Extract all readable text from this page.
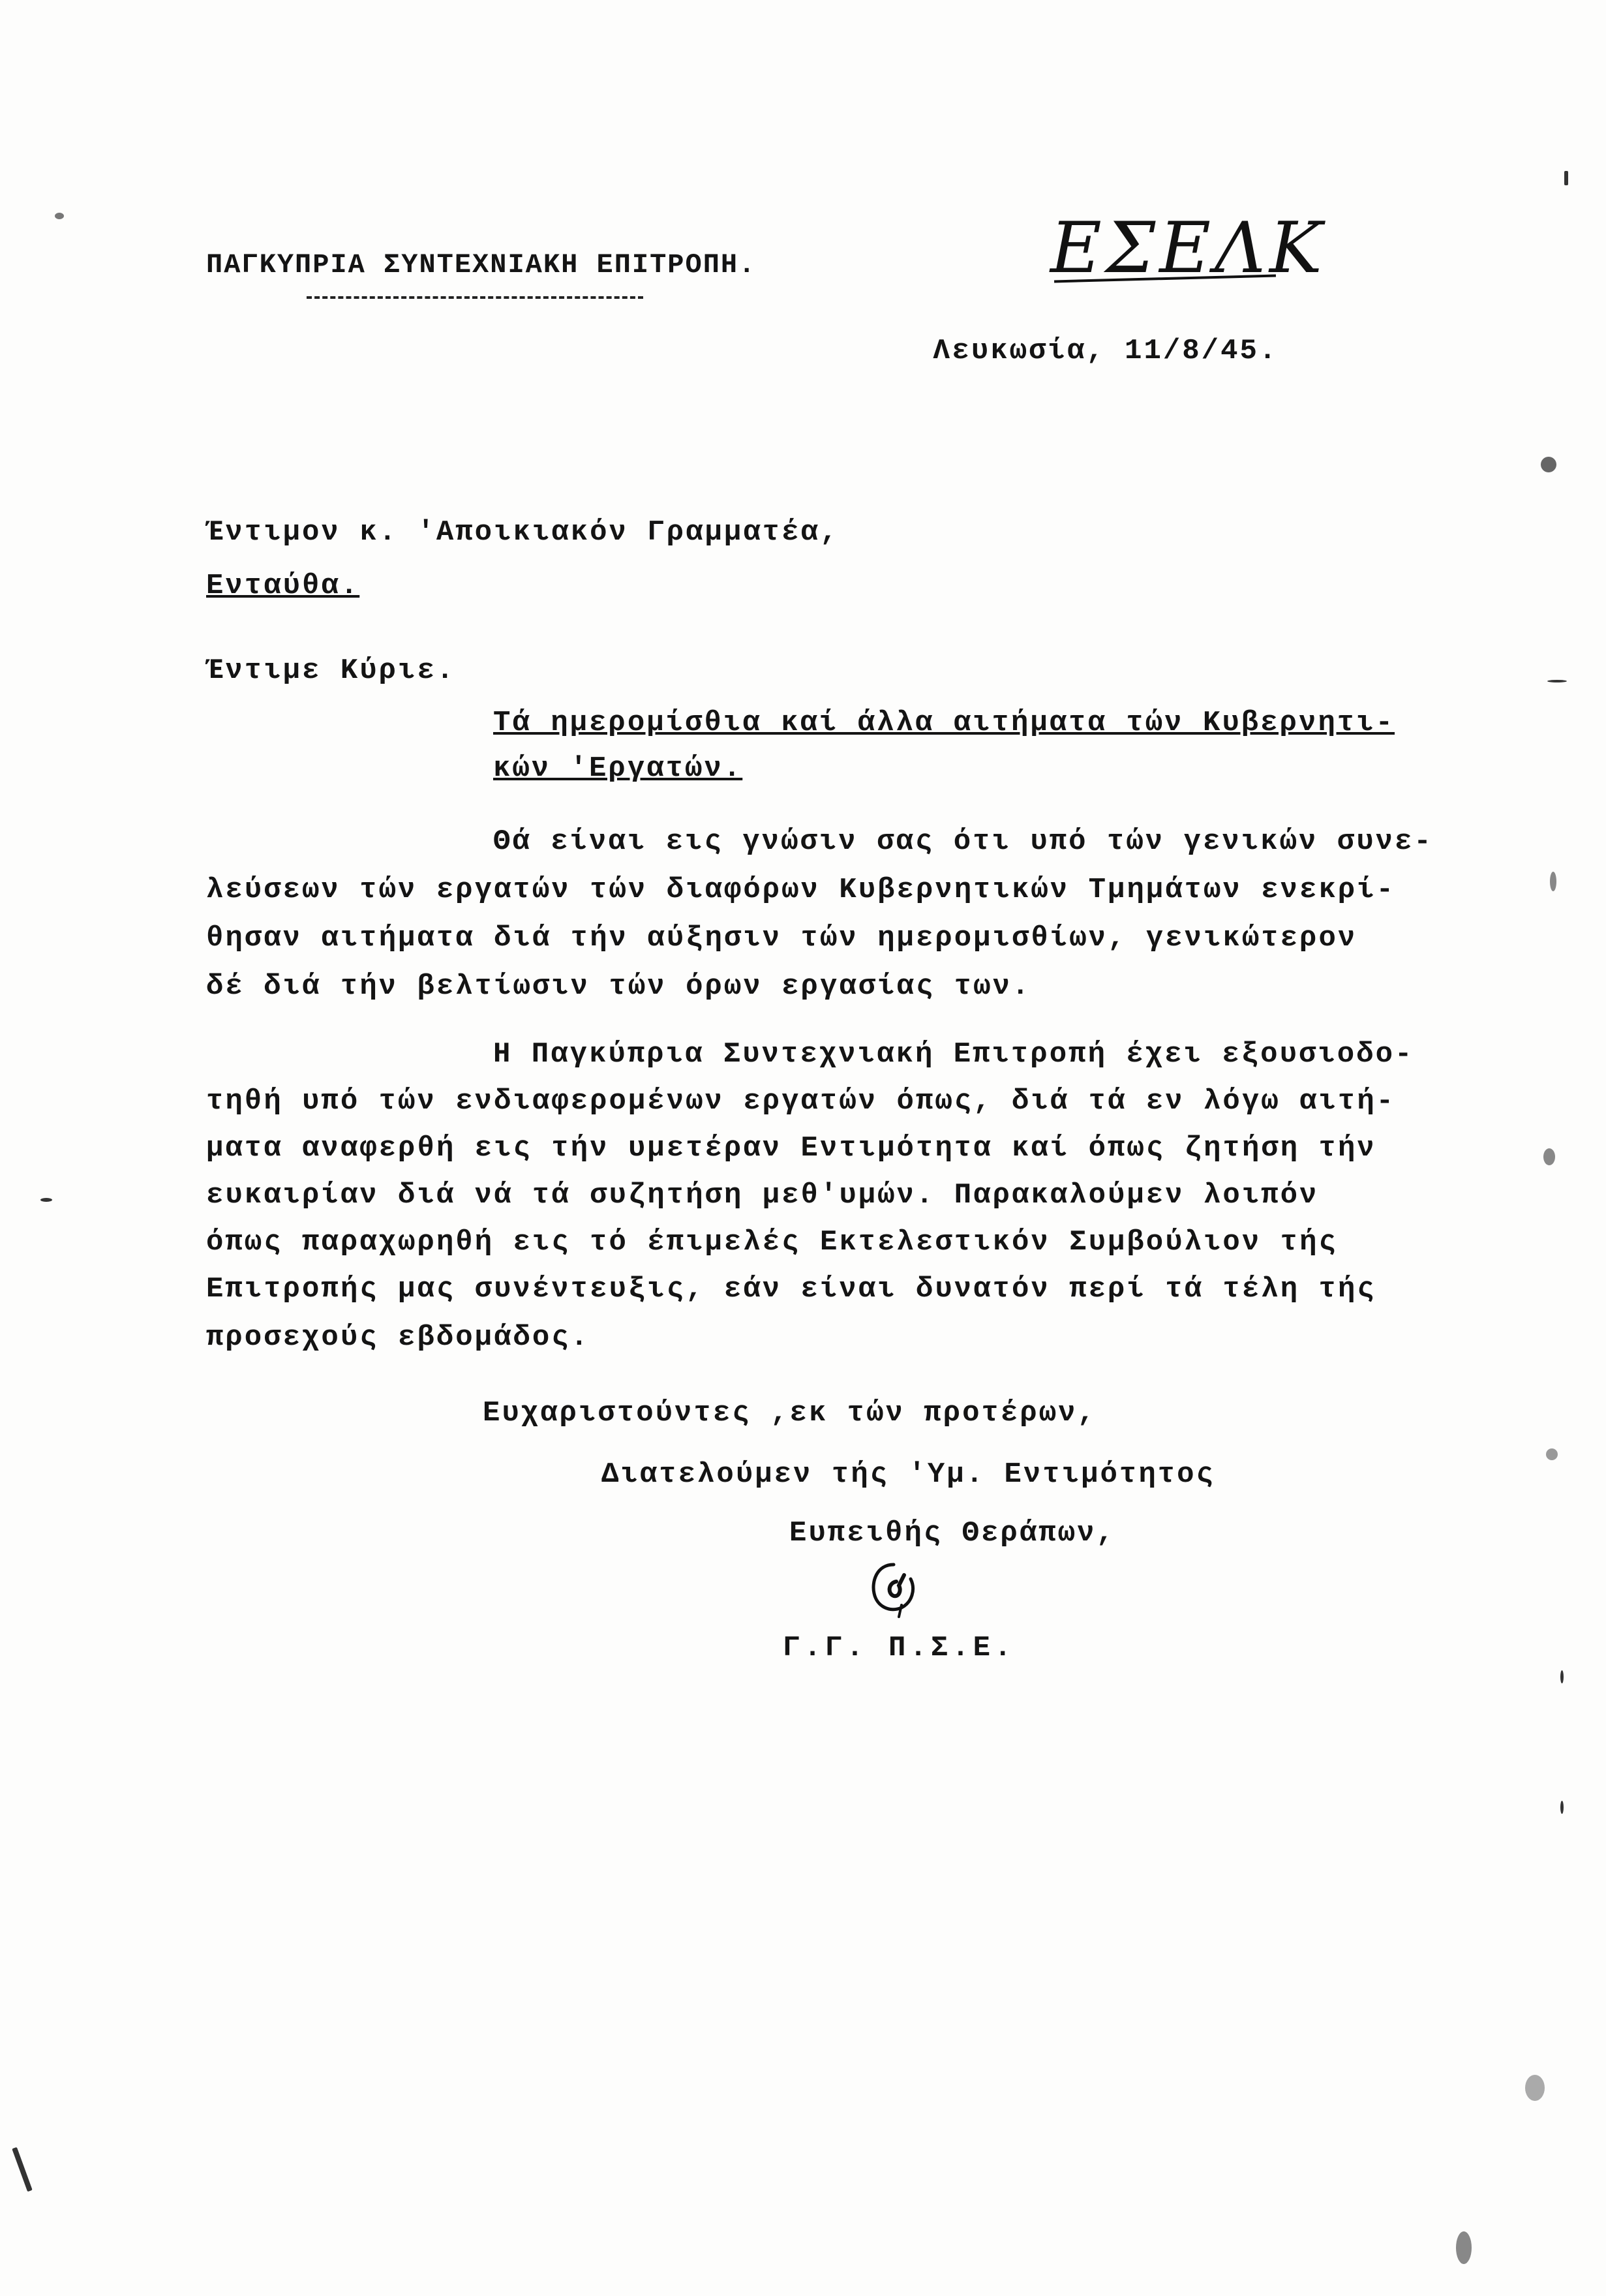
ΠΑΓΚΥΠΡΙΑ ΣΥΝΤΕΧΝΙΑΚΗ ΕΠΙΤΡΟΠΗ.	ΕΣΕΛΚ
Λευκωσία, 11/8/45.
Έντιμον κ. 'Αποικιακόν Γραμματέα,
Ενταύθα.
Έντιμε Κύριε.
Τά ημερομίσθια καί άλλα αιτήματα τών Κυβερνητι-
κών 'Εργατών.
Θά είναι εις γνώσιν σας ότι υπό τών γενικών συνε-
λεύσεων τών εργατών τών διαφόρων Κυβερνητικών Τμημάτων ενεκρί-
θησαν αιτήματα διά τήν αύξησιν τών ημερομισθίων, γενικώτερον
δέ διά τήν βελτίωσιν τών όρων εργασίας των.
Η Παγκύπρια Συντεχνιακή Επιτροπή έχει εξουσιοδο-
τηθή υπό τών ενδιαφερομένων εργατών όπως, διά τά εν λόγω αιτή-
ματα αναφερθή εις τήν υμετέραν Εντιμότητα καί όπως ζητήση τήν
ευκαιρίαν διά νά τά συζητήση μεθ'υμών. Παρακαλούμεν λοιπόν
όπως παραχωρηθή εις τό έπιμελές Εκτελεστικόν Συμβούλιον τής
Επιτροπής μας συνέντευξις, εάν είναι δυνατόν περί τά τέλη τής
προσεχούς εβδομάδος.
Ευχαριστούντες ,εκ τών προτέρων,
Διατελούμεν τής 'Υμ. Εντιμότητος
Ευπειθής Θεράπων,
Γ.Γ. Π.Σ.Ε.
